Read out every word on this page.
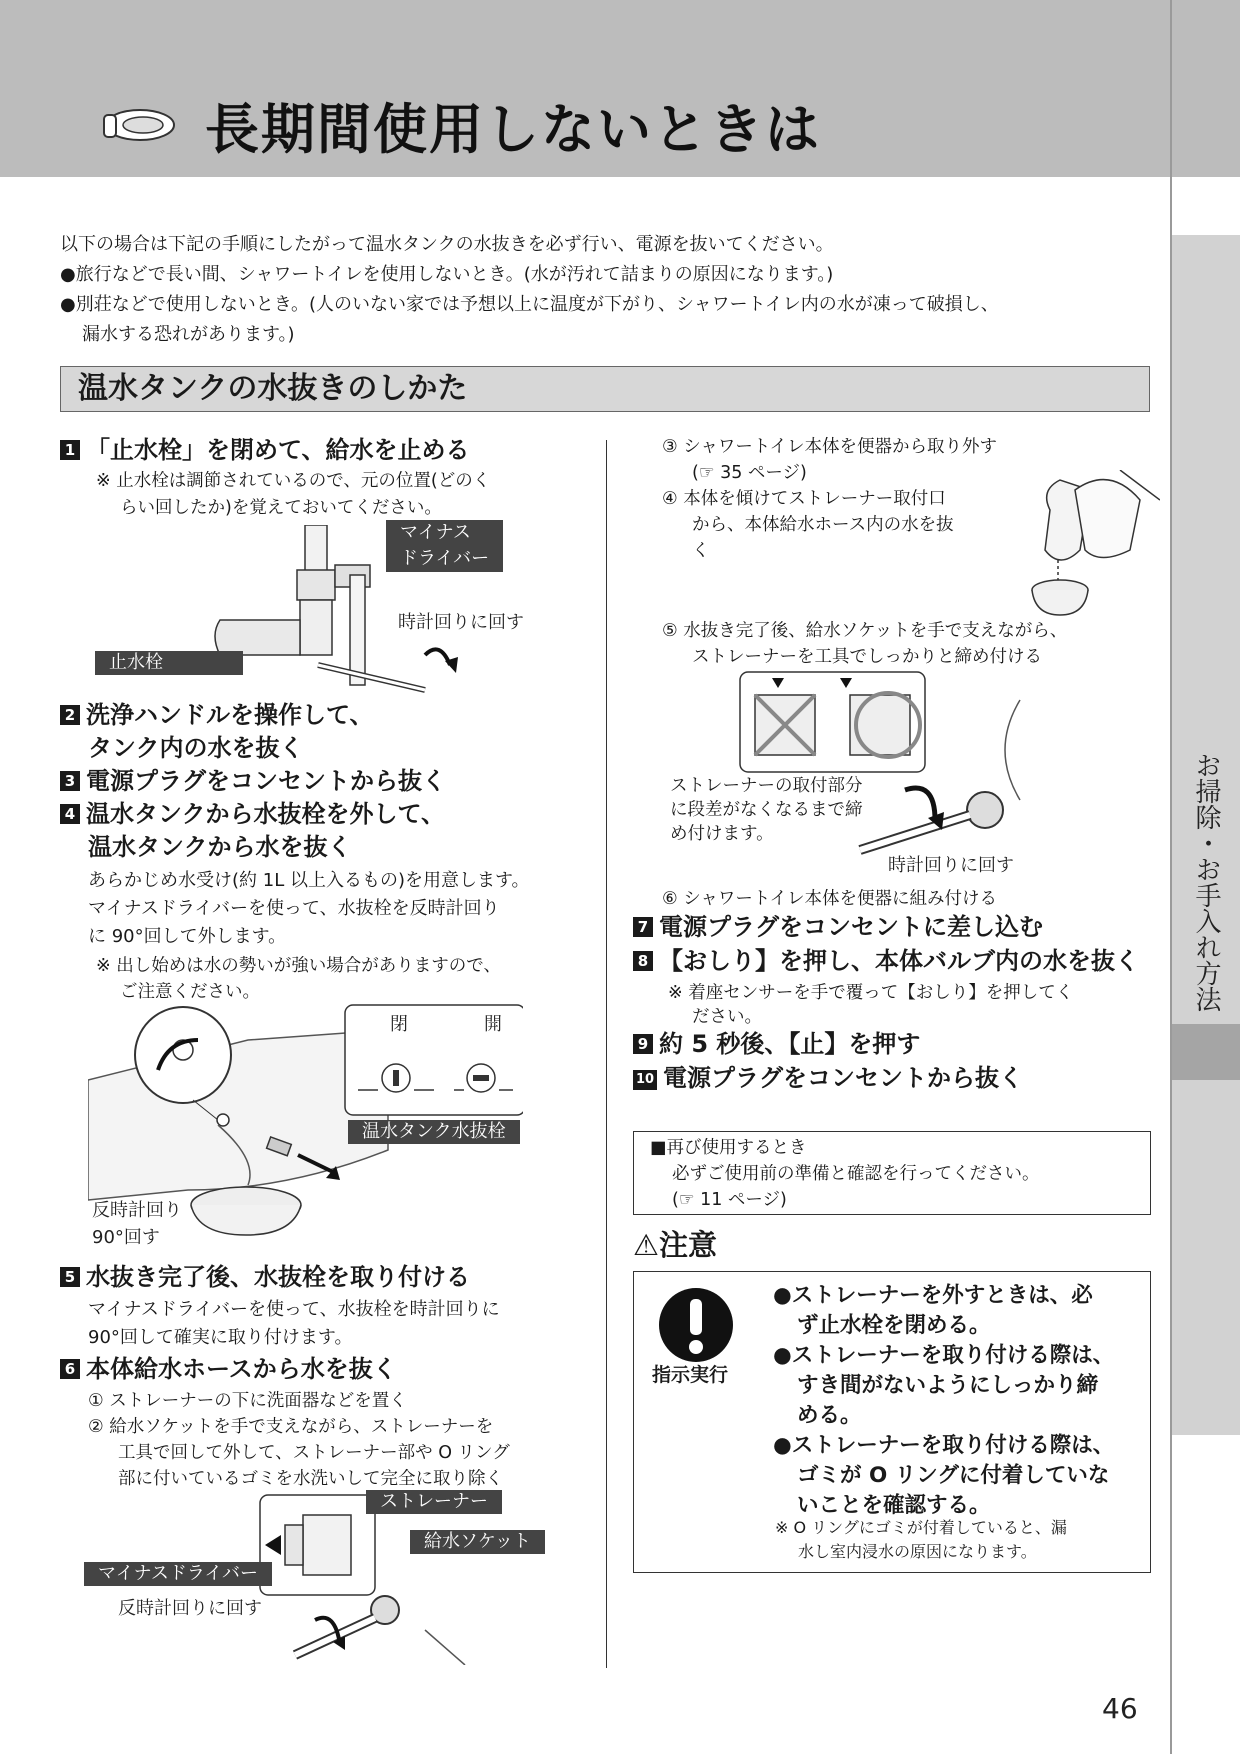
長期間使用しないときは
お掃除・お手入れ方法
以下の場合は下記の手順にしたがって温水タンクの水抜きを必ず行い、電源を抜いてください。
●旅行などで長い間、シャワートイレを使用しないとき。(水が汚れて詰まりの原因になります。)
●別荘などで使用しないとき。(人のいない家では予想以上に温度が下がり、シャワートイレ内の水が凍って破損し、
漏水する恐れがあります。)
温水タンクの水抜きのしかた
1 「止水栓」を閉めて、給水を止める
※ 止水栓は調節されているので、元の位置(どのく
らい回したか)を覚えておいてください。
マイナス
ドライバー
時計回りに回す
止水栓
2 洗浄ハンドルを操作して、
タンク内の水を抜く
3 電源プラグをコンセントから抜く
4 温水タンクから水抜栓を外して、
温水タンクから水を抜く
あらかじめ水受け(約 1L 以上入るもの)を用意します。
マイナスドライバーを使って、水抜栓を反時計回り
に 90°回して外します。
※ 出し始めは水の勢いが強い場合がありますので、
ご注意ください。
閉	開
温水タンク水抜栓
反時計回り
90°回す
5 水抜き完了後、水抜栓を取り付ける
マイナスドライバーを使って、水抜栓を時計回りに
90°回して確実に取り付けます。
6 本体給水ホースから水を抜く
① ストレーナーの下に洗面器などを置く
② 給水ソケットを手で支えながら、ストレーナーを
工具で回して外して、ストレーナー部や O リング
部に付いているゴミを水洗いして完全に取り除く
ストレーナー
給水ソケット
マイナスドライバー
反時計回りに回す
③ シャワートイレ本体を便器から取り外す
(☞ 35 ページ)
④ 本体を傾けてストレーナー取付口
から、本体給水ホース内の水を抜
く
⑤ 水抜き完了後、給水ソケットを手で支えながら、
ストレーナーを工具でしっかりと締め付ける
ストレーナーの取付部分
に段差がなくなるまで締
め付けます。
時計回りに回す
⑥ シャワートイレ本体を便器に組み付ける
7 電源プラグをコンセントに差し込む
8 【おしり】を押し、本体バルブ内の水を抜く
※ 着座センサーを手で覆って【おしり】を押してく
ださい。
9 約 5 秒後、【止】を押す
10 電源プラグをコンセントから抜く
■再び使用するとき
必ずご使用前の準備と確認を行ってください。
(☞ 11 ページ)
⚠注意
指示実行
●ストレーナーを外すときは、必
ず止水栓を閉める。
●ストレーナーを取り付ける際は、
すき間がないようにしっかり締
める。
●ストレーナーを取り付ける際は、
ゴミが O リングに付着していな
いことを確認する。
※ O リングにゴミが付着していると、漏
水し室内浸水の原因になります。
46
